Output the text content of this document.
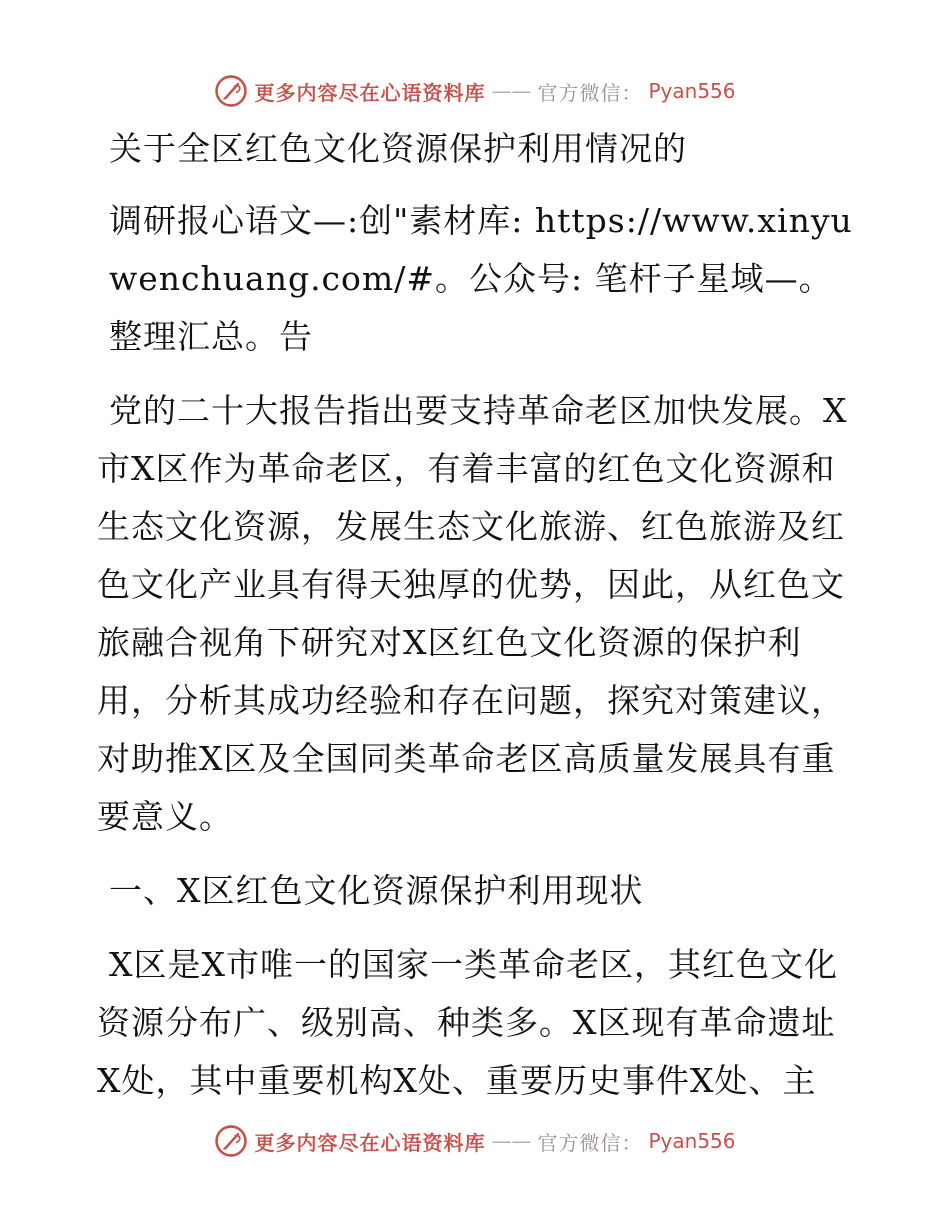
更多内容尽在心语资料库 —— 官方微信： Pyan556

关于全区红色文化资源保护利用情况的

调研报心语文—:创"素材库: https://www.xinyuwenchuang.com/#。公众号: 笔杆子星域—。整理汇总。告

党的二十大报告指出要支持革命老区加快发展。X市X区作为革命老区，有着丰富的红色文化资源和生态文化资源，发展生态文化旅游、红色旅游及红色文化产业具有得天独厚的优势，因此，从红色文旅融合视角下研究对X区红色文化资源的保护利用，分析其成功经验和存在问题，探究对策建议，对助推X区及全国同类革命老区高质量发展具有重要意义。

一、X区红色文化资源保护利用现状

X区是X市唯一的国家一类革命老区，其红色文化资源分布广、级别高、种类多。X区现有革命遗址X处，其中重要机构X处、重要历史事件X处、主

更多内容尽在心语资料库 —— 官方微信： Pyan556
